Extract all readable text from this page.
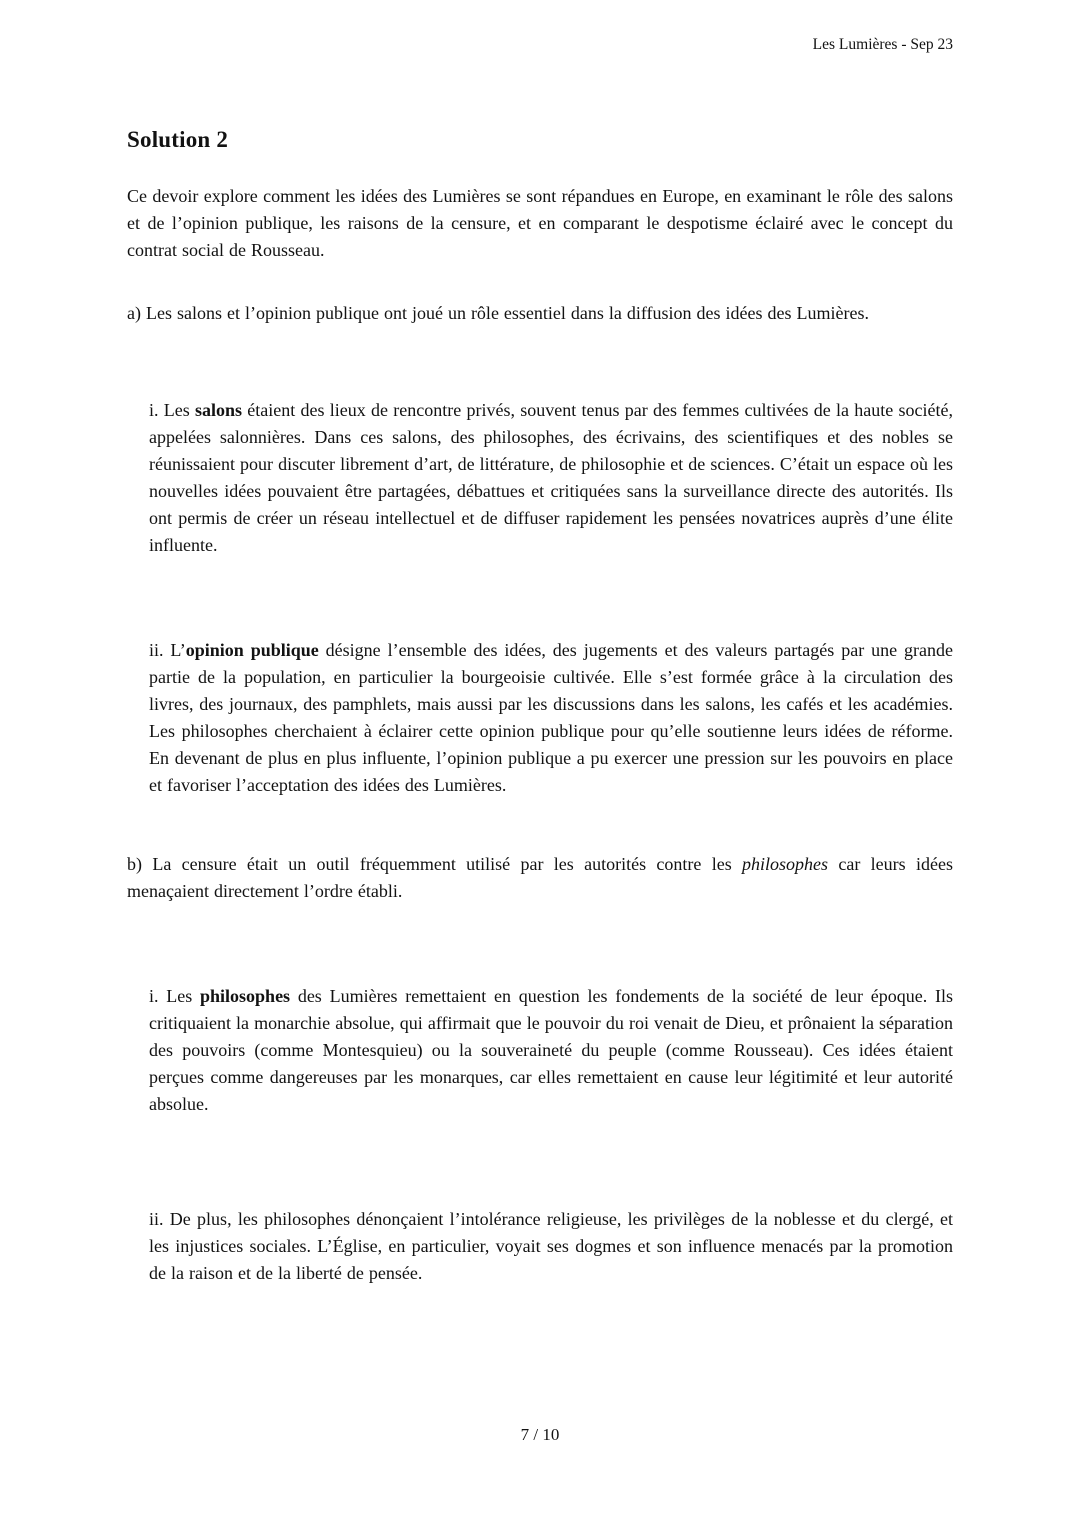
Les Lumières - Sep 23
Solution 2

Ce devoir explore comment les idées des Lumières se sont répandues en Europe, en examinant le rôle des salons et de l’opinion publique, les raisons de la censure, et en comparant le despotisme éclairé avec le concept du contrat social de Rousseau.

a) Les salons et l’opinion publique ont joué un rôle essentiel dans la diffusion des idées des Lumières.

i. Les salons étaient des lieux de rencontre privés, souvent tenus par des femmes cultivées de la haute société, appelées salonnières. Dans ces salons, des philosophes, des écrivains, des scientifiques et des nobles se réunissaient pour discuter librement d’art, de littérature, de philosophie et de sciences. C’était un espace où les nouvelles idées pouvaient être partagées, débattues et critiquées sans la surveillance directe des autorités. Ils ont permis de créer un réseau intellectuel et de diffuser rapidement les pensées novatrices auprès d’une élite influente.

ii. L’opinion publique désigne l’ensemble des idées, des jugements et des valeurs partagés par une grande partie de la population, en particulier la bourgeoisie cultivée. Elle s’est formée grâce à la circulation des livres, des journaux, des pamphlets, mais aussi par les discussions dans les salons, les cafés et les académies. Les philosophes cherchaient à éclairer cette opinion publique pour qu’elle soutienne leurs idées de réforme. En devenant de plus en plus influente, l’opinion publique a pu exercer une pression sur les pouvoirs en place et favoriser l’acceptation des idées des Lumières.

b) La censure était un outil fréquemment utilisé par les autorités contre les philosophes car leurs idées menaçaient directement l’ordre établi.

i. Les philosophes des Lumières remettaient en question les fondements de la société de leur époque. Ils critiquaient la monarchie absolue, qui affirmait que le pouvoir du roi venait de Dieu, et prônaient la séparation des pouvoirs (comme Montesquieu) ou la souveraineté du peuple (comme Rousseau). Ces idées étaient perçues comme dangereuses par les monarques, car elles remettaient en cause leur légitimité et leur autorité absolue.

ii. De plus, les philosophes dénonçaient l’intolérance religieuse, les privilèges de la noblesse et du clergé, et les injustices sociales. L’Église, en particulier, voyait ses dogmes et son influence menacés par la promotion de la raison et de la liberté de pensée.

7 / 10
